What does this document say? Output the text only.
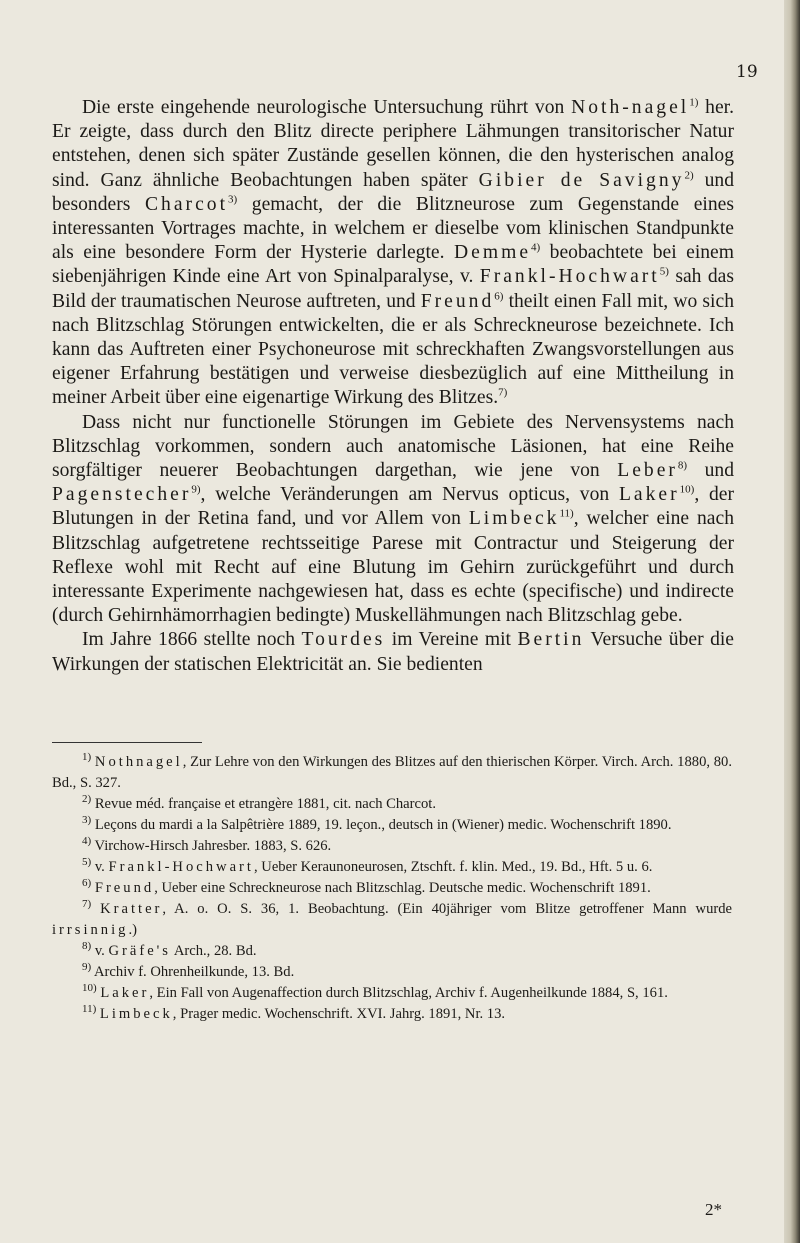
19

Die erste eingehende neurologische Untersuchung rührt von Noth-nagel$^{1)}$ her. Er zeigte, dass durch den Blitz directe periphere Lähmungen transitorischer Natur entstehen, denen sich später Zustände gesellen können, die den hysterischen analog sind. Ganz ähnliche Beobachtungen haben später Gibier de Savigny$^{2)}$ und besonders Charcot$^{3)}$ gemacht, der die Blitzneurose zum Gegenstande eines interessanten Vortrages machte, in welchem er dieselbe vom klinischen Standpunkte als eine besondere Form der Hysterie darlegte. Demme$^{4)}$ beobachtete bei einem siebenjährigen Kinde eine Art von Spinalparalyse, v. Frankl-Hochwart$^{5)}$ sah das Bild der traumatischen Neurose auftreten, und Freund$^{6)}$ theilt einen Fall mit, wo sich nach Blitzschlag Störungen entwickelten, die er als Schreckneurose bezeichnete. Ich kann das Auftreten einer Psychoneurose mit schreckhaften Zwangsvorstellungen aus eigener Erfahrung bestätigen und verweise diesbezüglich auf eine Mittheilung in meiner Arbeit über eine eigenartige Wirkung des Blitzes.$^{7)}$

Dass nicht nur functionelle Störungen im Gebiete des Nervensystems nach Blitzschlag vorkommen, sondern auch anatomische Läsionen, hat eine Reihe sorgfältiger neuerer Beobachtungen dargethan, wie jene von Leber$^{8)}$ und Pagenstecher$^{9)}$, welche Veränderungen am Nervus opticus, von Laker$^{10)}$, der Blutungen in der Retina fand, und vor Allem von Limbeck$^{11)}$, welcher eine nach Blitzschlag aufgetretene rechtsseitige Parese mit Contractur und Steigerung der Reflexe wohl mit Recht auf eine Blutung im Gehirn zurückgeführt und durch interessante Experimente nachgewiesen hat, dass es echte (specifische) und indirecte (durch Gehirnhämorrhagien bedingte) Muskellähmungen nach Blitzschlag gebe.

Im Jahre 1866 stellte noch Tourdes im Vereine mit Bertin Versuche über die Wirkungen der statischen Elektricität an. Sie bedienten

$^{1)}$ Nothnagel, Zur Lehre von den Wirkungen des Blitzes auf den thierischen Körper. Virch. Arch. 1880, 80. Bd., S. 327.

$^{2)}$ Revue méd. française et etrangère 1881, cit. nach Charcot.

$^{3)}$ Leçons du mardi a la Salpêtrière 1889, 19. leçon., deutsch in (Wiener) medic. Wochenschrift 1890.

$^{4)}$ Virchow-Hirsch Jahresber. 1883, S. 626.

$^{5)}$ v. Frankl-Hochwart, Ueber Keraunoneurosen, Ztschft. f. klin. Med., 19. Bd., Hft. 5 u. 6.

$^{6)}$ Freund, Ueber eine Schreckneurose nach Blitzschlag. Deutsche medic. Wochenschrift 1891.

$^{7)}$ Kratter, A. o. O. S. 36, 1. Beobachtung. (Ein 40jähriger vom Blitze getroffener Mann wurde irrsinnig.)

$^{8)}$ v. Gräfe's Arch., 28. Bd.

$^{9)}$ Archiv f. Ohrenheilkunde, 13. Bd.

$^{10)}$ Laker, Ein Fall von Augenaffection durch Blitzschlag, Archiv f. Augenheilkunde 1884, S, 161.

$^{11)}$ Limbeck, Prager medic. Wochenschrift. XVI. Jahrg. 1891, Nr. 13.

2*
